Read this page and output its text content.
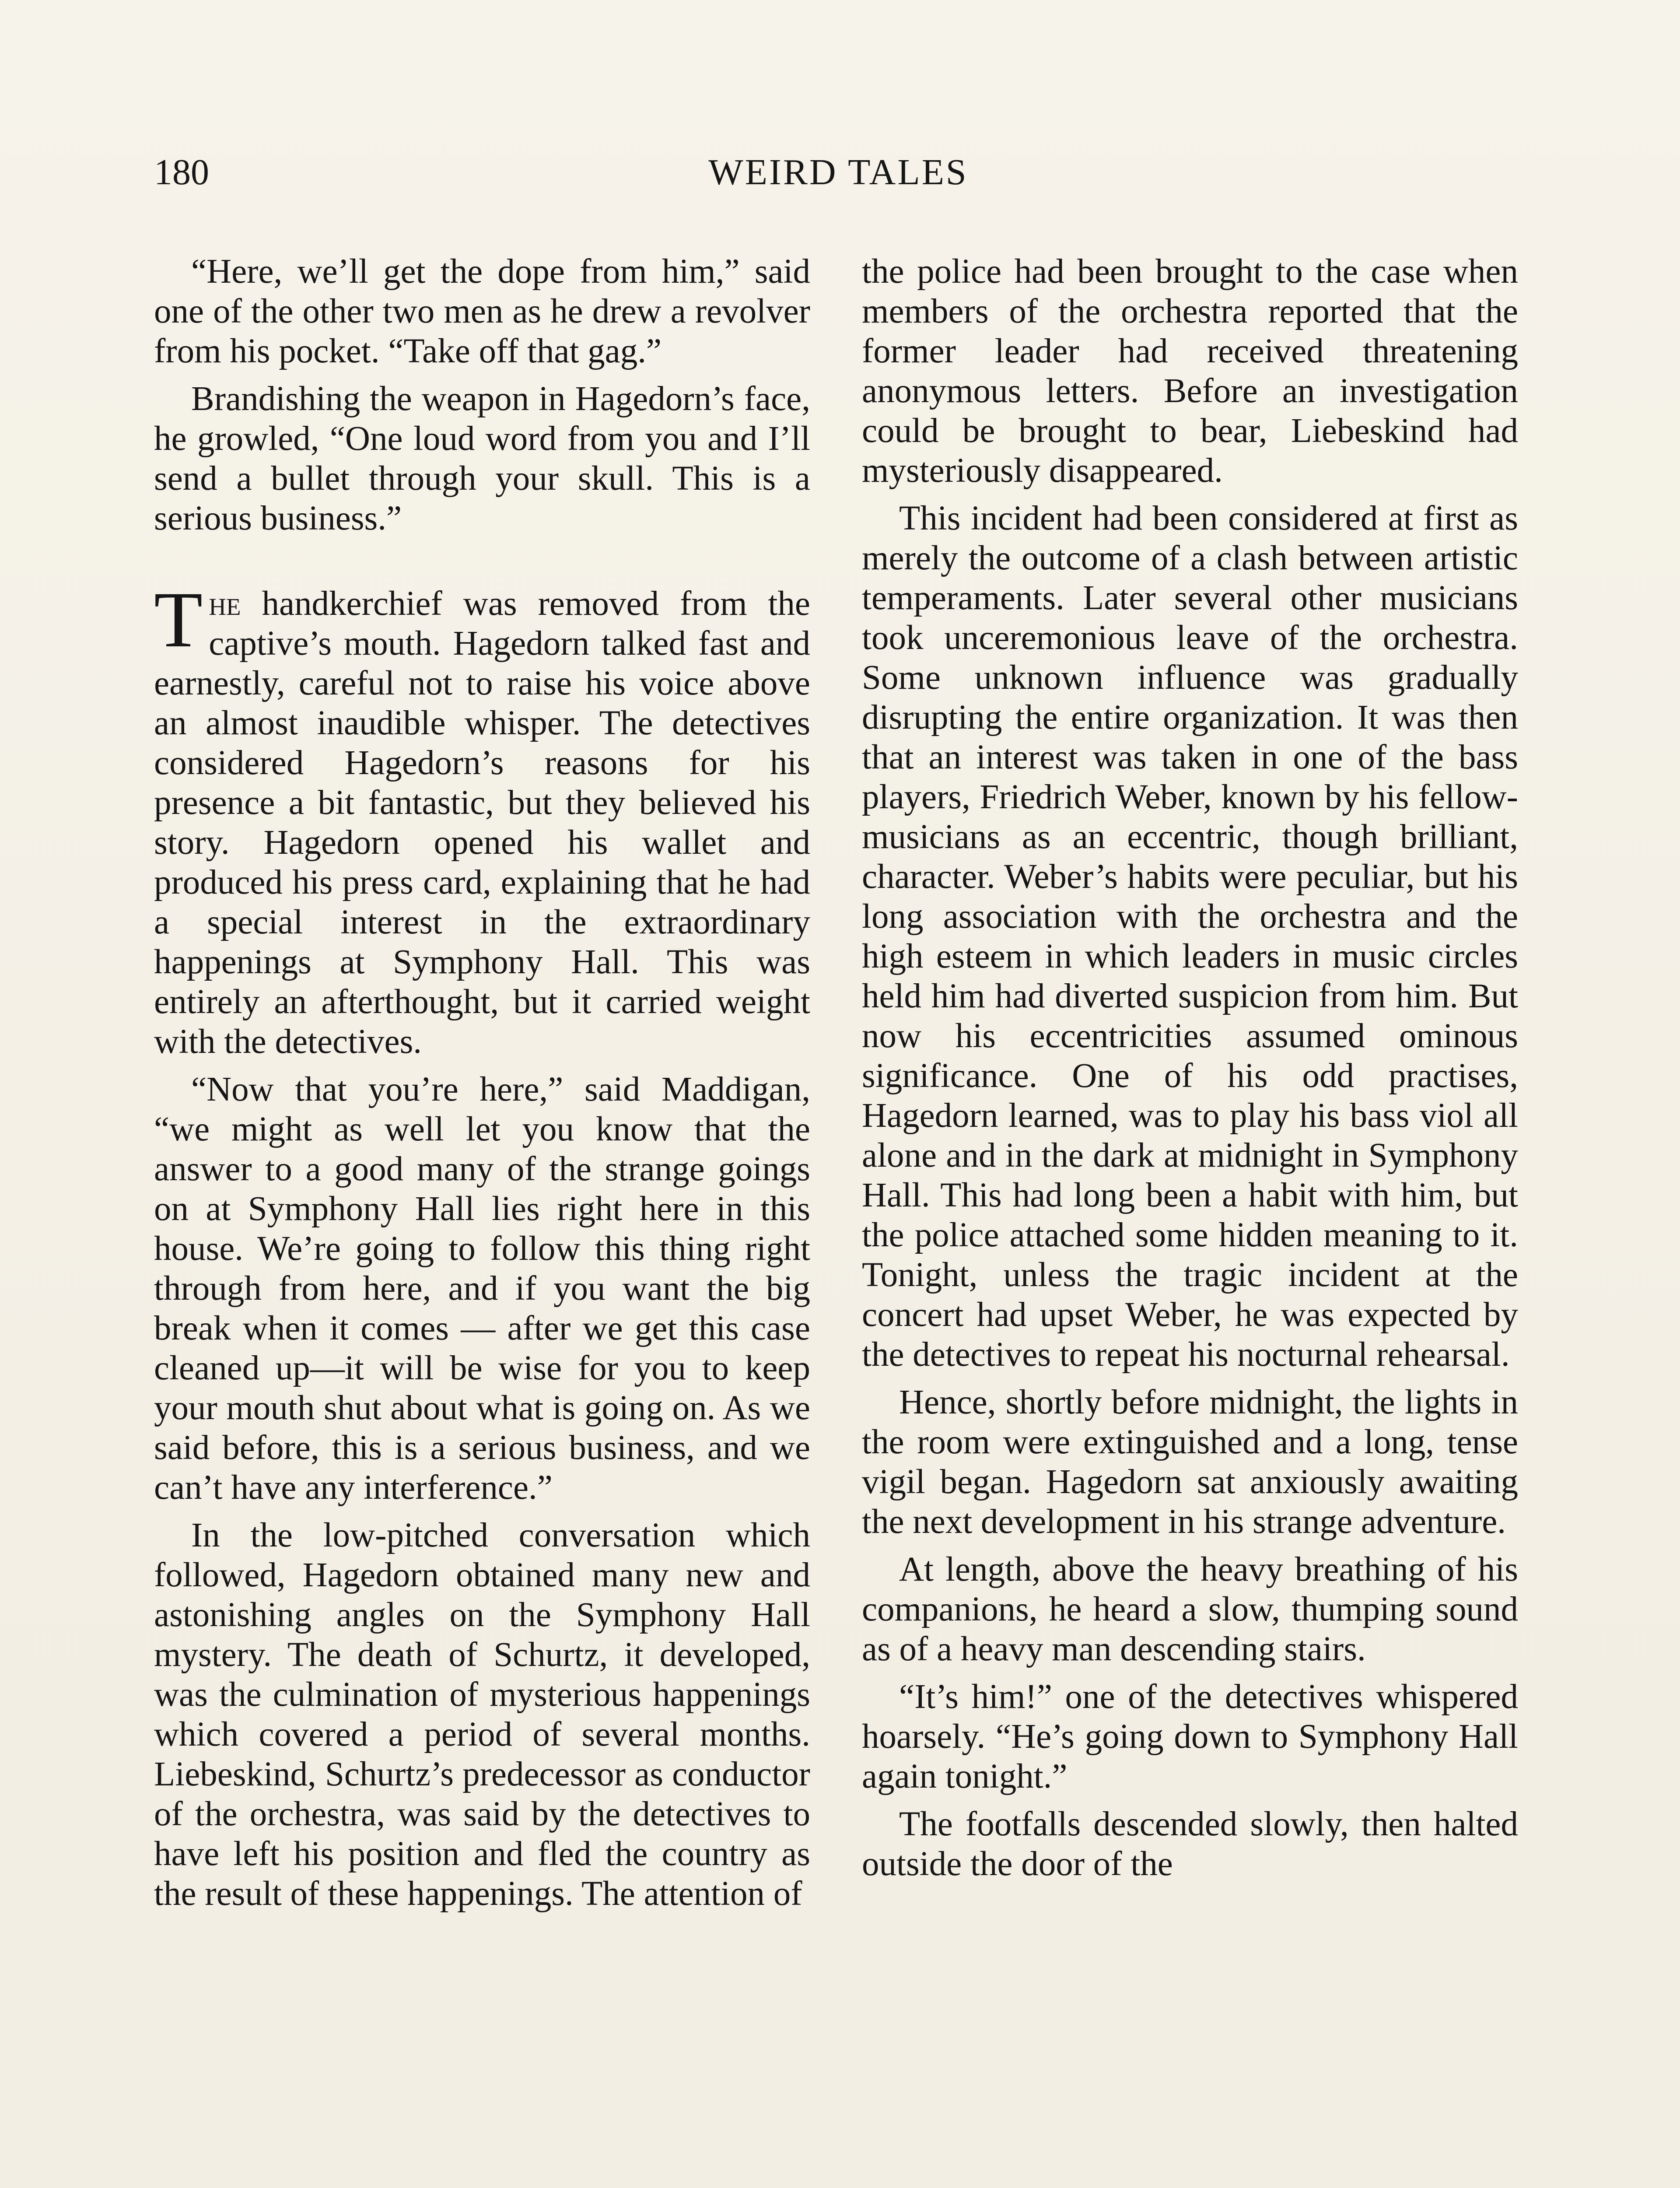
180	WEIRD TALES

“Here, we’ll get the dope from him,” said one of the other two men as he drew a revolver from his pocket. “Take off that gag.”

Brandishing the weapon in Hagedorn’s face, he growled, “One loud word from you and I’ll send a bullet through your skull. This is a serious business.”

The handkerchief was removed from the captive’s mouth. Hagedorn talked fast and earnestly, careful not to raise his voice above an almost inaudible whisper. The detectives considered Hagedorn’s reasons for his presence a bit fantastic, but they believed his story. Hagedorn opened his wallet and produced his press card, explaining that he had a special interest in the extraordinary happenings at Symphony Hall. This was entirely an afterthought, but it carried weight with the detectives.

“Now that you’re here,” said Maddigan, “we might as well let you know that the answer to a good many of the strange goings on at Symphony Hall lies right here in this house. We’re going to follow this thing right through from here, and if you want the big break when it comes — after we get this case cleaned up—it will be wise for you to keep your mouth shut about what is going on. As we said before, this is a serious business, and we can’t have any interference.”

In the low-pitched conversation which followed, Hagedorn obtained many new and astonishing angles on the Symphony Hall mystery. The death of Schurtz, it developed, was the culmination of mysterious happenings which covered a period of several months. Liebeskind, Schurtz’s predecessor as conductor of the orchestra, was said by the detectives to have left his position and fled the country as the result of these happenings. The attention of

the police had been brought to the case when members of the orchestra reported that the former leader had received threatening anonymous letters. Before an investigation could be brought to bear, Liebeskind had mysteriously disappeared.

This incident had been considered at first as merely the outcome of a clash between artistic temperaments. Later several other musicians took unceremonious leave of the orchestra. Some unknown influence was gradually disrupting the entire organization. It was then that an interest was taken in one of the bass players, Friedrich Weber, known by his fellow-musicians as an eccentric, though brilliant, character. Weber’s habits were peculiar, but his long association with the orchestra and the high esteem in which leaders in music circles held him had diverted suspicion from him. But now his eccentricities assumed ominous significance. One of his odd practises, Hagedorn learned, was to play his bass viol all alone and in the dark at midnight in Symphony Hall. This had long been a habit with him, but the police attached some hidden meaning to it. Tonight, unless the tragic incident at the concert had upset Weber, he was expected by the detectives to repeat his nocturnal rehearsal.

Hence, shortly before midnight, the lights in the room were extinguished and a long, tense vigil began. Hagedorn sat anxiously awaiting the next development in his strange adventure.

At length, above the heavy breathing of his companions, he heard a slow, thumping sound as of a heavy man descending stairs.

“It’s him!” one of the detectives whispered hoarsely. “He’s going down to Symphony Hall again tonight.”

The footfalls descended slowly, then halted outside the door of the
